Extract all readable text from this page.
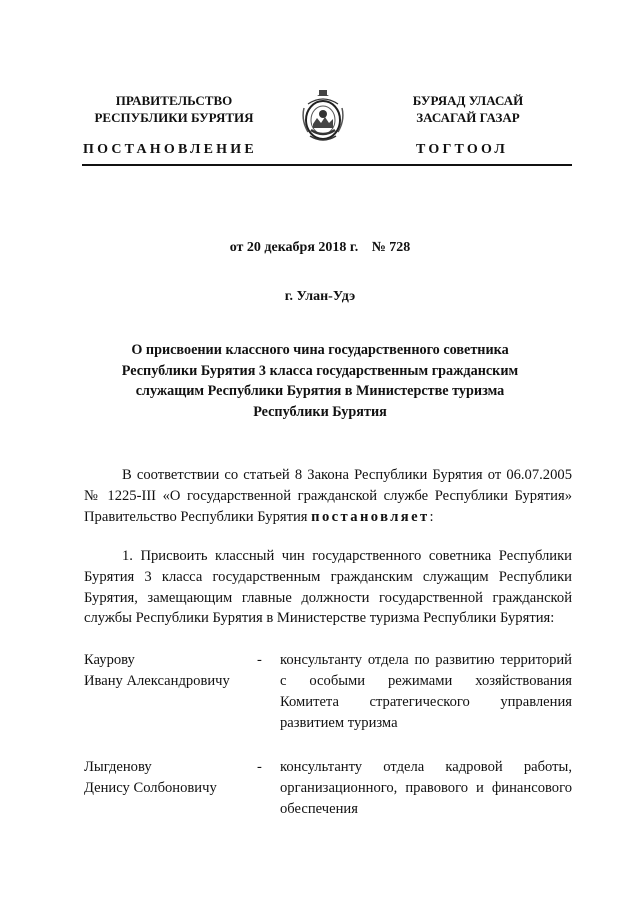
ПРАВИТЕЛЬСТВО
РЕСПУБЛИКИ БУРЯТИЯ
БУРЯАД УЛАСАЙ
ЗАСАГАЙ ГАЗАР
ПОСТАНОВЛЕНИЕ	ТОГТООЛ
от 20 декабря 2018 г. № 728
г. Улан-Удэ
О присвоении классного чина государственного советника
Республики Бурятия 3 класса государственным гражданским
служащим Республики Бурятия в Министерстве туризма
Республики Бурятия
В соответствии со статьей 8 Закона Республики Бурятия от 06.07.2005 № 1225-III «О государственной гражданской службе Республики Бурятия» Правительство Республики Бурятия постановляет:
1. Присвоить классный чин государственного советника Республики Бурятия 3 класса государственным гражданским служащим Республики Бурятия, замещающим главные должности государственной гражданской службы Республики Бурятия в Министерстве туризма Республики Бурятия:
Каурову
Ивану Александровичу
- консультанту отдела по развитию территорий с особыми режимами хозяйствования Комитета стратегического управления развитием туризма
Лыгденову
Денису Солбоновичу
- консультанту отдела кадровой работы, организационного, правового и финансового обеспечения
